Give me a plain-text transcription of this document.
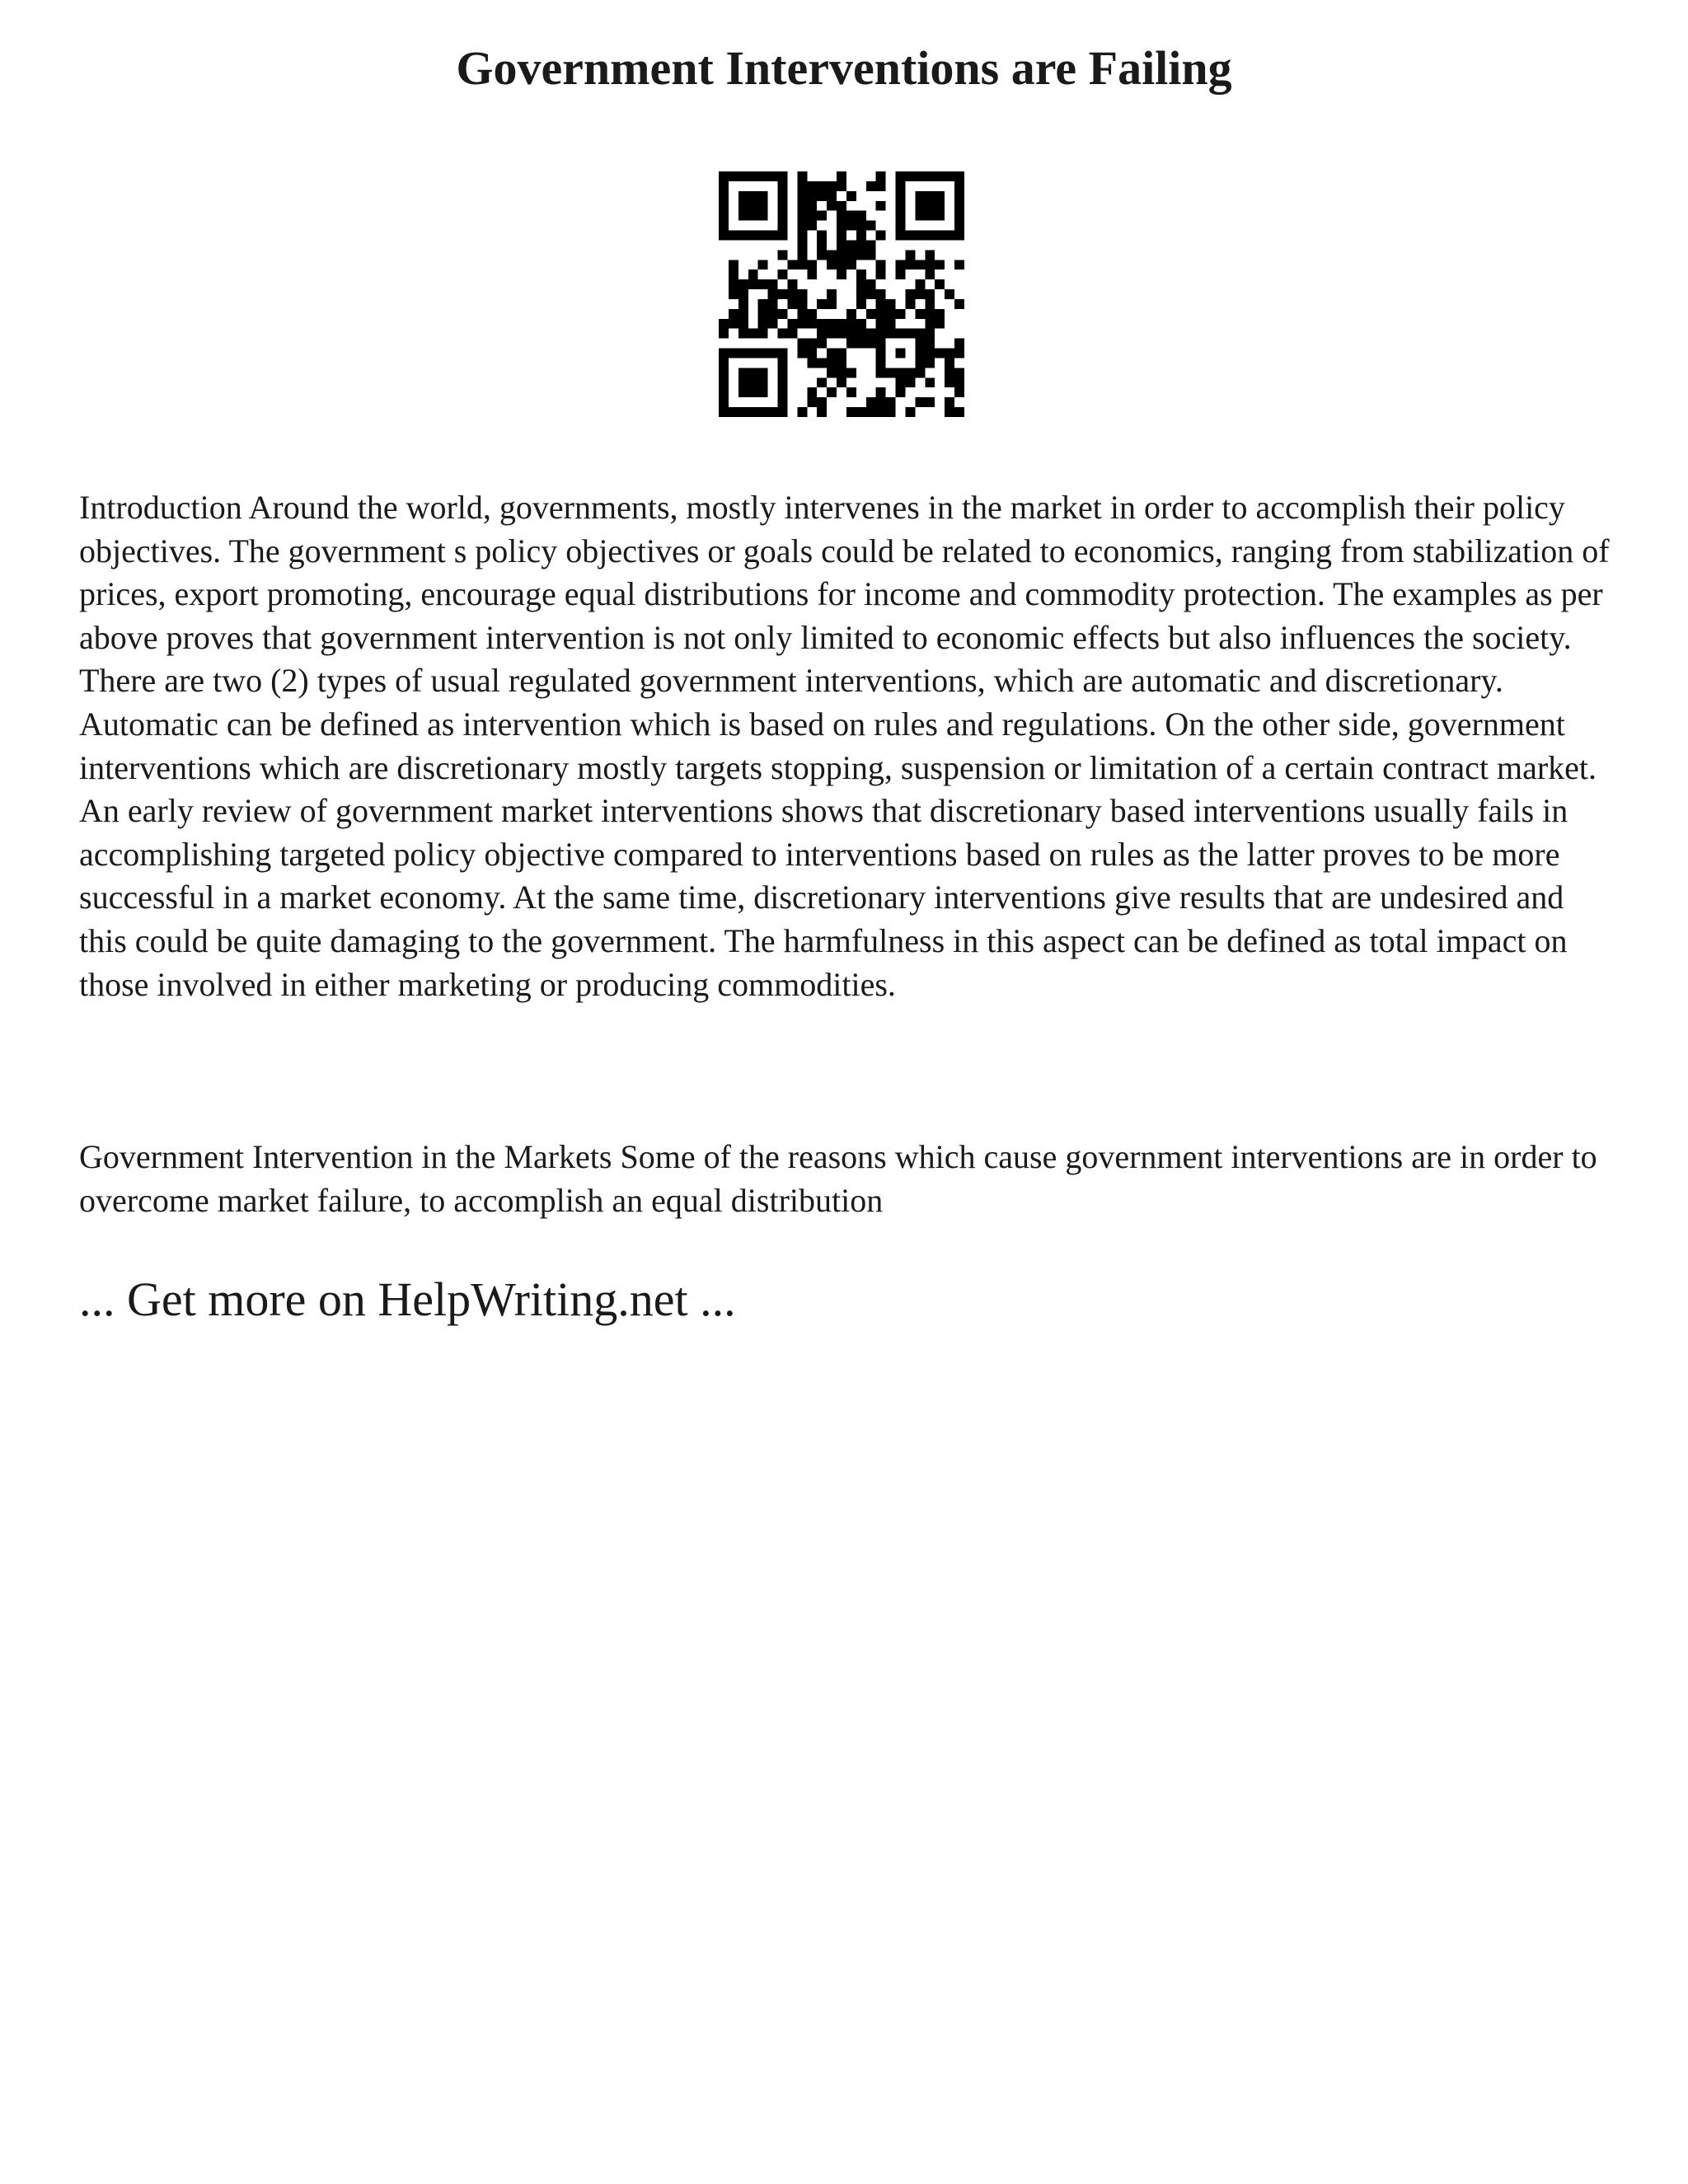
Government Interventions are Failing

Introduction Around the world, governments, mostly intervenes in the market in order to accomplish their policy objectives. The government s policy objectives or goals could be related to economics, ranging from stabilization of prices, export promoting, encourage equal distributions for income and commodity protection. The examples as per above proves that government intervention is not only limited to economic effects but also influences the society. There are two (2) types of usual regulated government interventions, which are automatic and discretionary. Automatic can be defined as intervention which is based on rules and regulations. On the other side, government interventions which are discretionary mostly targets stopping, suspension or limitation of a certain contract market. An early review of government market interventions shows that discretionary based interventions usually fails in accomplishing targeted policy objective compared to interventions based on rules as the latter proves to be more successful in a market economy. At the same time, discretionary interventions give results that are undesired and this could be quite damaging to the government. The harmfulness in this aspect can be defined as total impact on those involved in either marketing or producing commodities.

Government Intervention in the Markets Some of the reasons which cause government interventions are in order to overcome market failure, to accomplish an equal distribution

... Get more on HelpWriting.net ...
